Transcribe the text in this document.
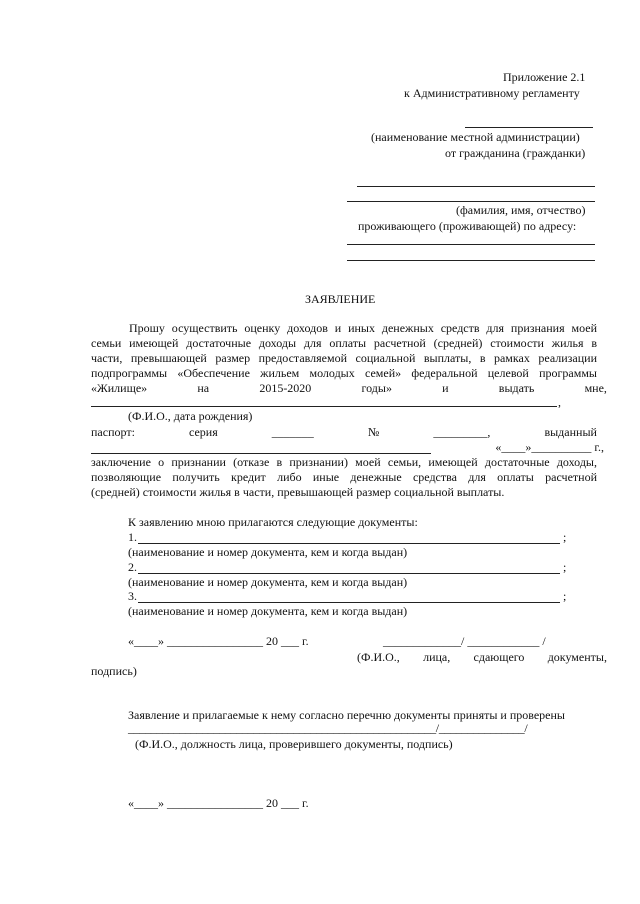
Приложение 2.1
к Административному регламенту
(наименование местной администрации)
от гражданина (гражданки)
(фамилия, имя, отчество)
проживающего (проживающей) по адресу:
ЗАЯВЛЕНИЕ
Прошу осуществить оценку доходов и иных денежных средств для признания моей
семьи имеющей достаточные доходы для оплаты расчетной (средней) стоимости жилья в
части, превышающей размер предоставляемой социальной выплаты, в рамках реализации
подпрограммы «Обеспечение жильем молодых семей» федеральной целевой программы
«Жилище»	на	2015-2020	годы»	и	выдать	мне,
,
(Ф.И.О., дата рождения)
паспорт:	серия	_______	№	_________,	выданный
«____»__________ г.,
заключение о признании (отказе в признании) моей семьи, имеющей достаточные доходы,
позволяющие получить кредит либо иные денежные средства для оплаты расчетной
(средней) стоимости жилья в части, превышающей размер социальной выплаты.
К заявлению мною прилагаются следующие документы:
1.	;
(наименование и номер документа, кем и когда выдан)
2.	;
(наименование и номер документа, кем и когда выдан)
3.	;
(наименование и номер документа, кем и когда выдан)
«____» ________________ 20 ___ г.	_____________/ ____________ /
(Ф.И.О., лица, сдающего документы,
подпись)
Заявление и прилагаемые к нему согласно перечню документы приняты и проверены
______________________________________________________/_______________/
(Ф.И.О., должность лица, проверившего документы, подпись)
«____» ________________ 20 ___ г.
